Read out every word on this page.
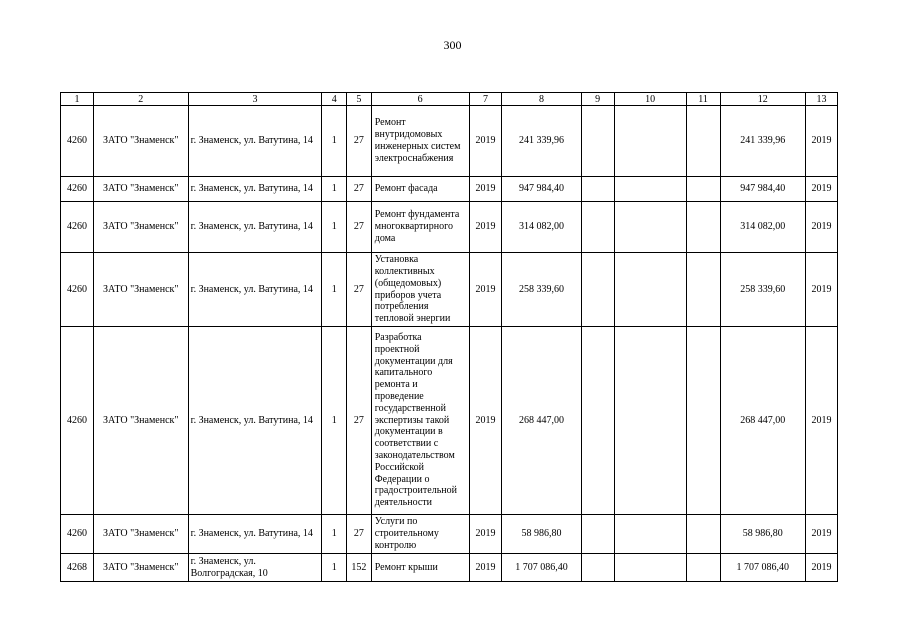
300
1	2	3	4	5	6	7	8	9	10	11	12	13
4260	ЗАТО "Знаменск"	г. Знаменск, ул. Ватутина, 14	1	27	Ремонт внутридомовых инженерных систем электроснабжения	2019	241 339,96				241 339,96	2019
4260	ЗАТО "Знаменск"	г. Знаменск, ул. Ватутина, 14	1	27	Ремонт фасада	2019	947 984,40				947 984,40	2019
4260	ЗАТО "Знаменск"	г. Знаменск, ул. Ватутина, 14	1	27	Ремонт фундамента многоквартирного дома	2019	314 082,00				314 082,00	2019
4260	ЗАТО "Знаменск"	г. Знаменск, ул. Ватутина, 14	1	27	Установка коллективных (общедомовых) приборов учета потребления тепловой энергии	2019	258 339,60				258 339,60	2019
4260	ЗАТО "Знаменск"	г. Знаменск, ул. Ватутина, 14	1	27	Разработка проектной документации для капитального ремонта и проведение государственной экспертизы такой документации в соответствии с законодательством Российской Федерации о градостроительной деятельности	2019	268 447,00				268 447,00	2019
4260	ЗАТО "Знаменск"	г. Знаменск, ул. Ватутина, 14	1	27	Услуги по строительному контролю	2019	58 986,80				58 986,80	2019
4268	ЗАТО "Знаменск"	г. Знаменск, ул. Волгоградская, 10	1	152	Ремонт крыши	2019	1 707 086,40				1 707 086,40	2019
